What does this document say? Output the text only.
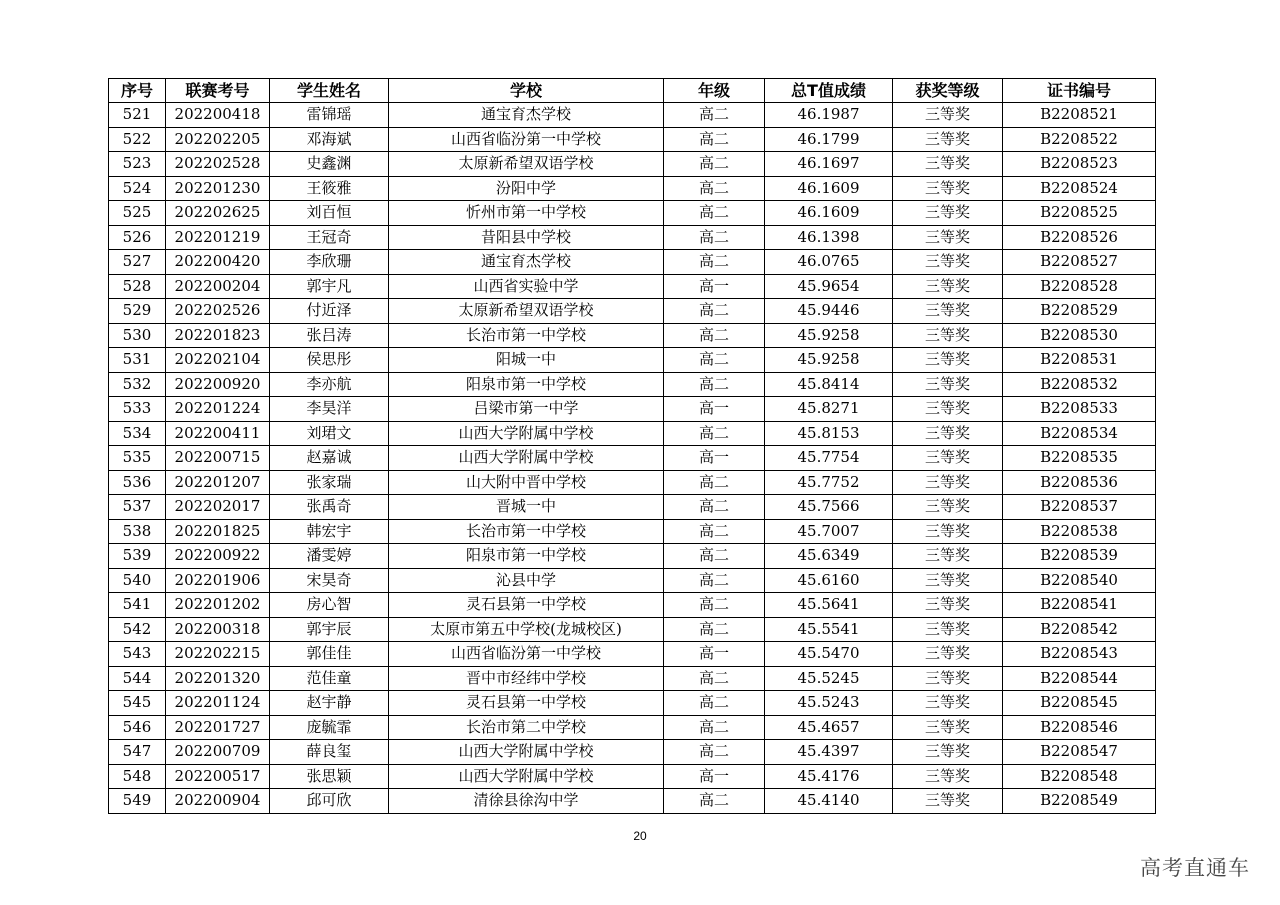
序号	联赛考号	学生姓名	学校	年级	总T值成绩	获奖等级	证书编号
521	202200418	雷锦瑶	通宝育杰学校	高二	46.1987	三等奖	B2208521
522	202202205	邓海斌	山西省临汾第一中学校	高二	46.1799	三等奖	B2208522
523	202202528	史鑫渊	太原新希望双语学校	高二	46.1697	三等奖	B2208523
524	202201230	王筱雅	汾阳中学	高二	46.1609	三等奖	B2208524
525	202202625	刘百恒	忻州市第一中学校	高二	46.1609	三等奖	B2208525
526	202201219	王冠奇	昔阳县中学校	高二	46.1398	三等奖	B2208526
527	202200420	李欣珊	通宝育杰学校	高二	46.0765	三等奖	B2208527
528	202200204	郭宇凡	山西省实验中学	高一	45.9654	三等奖	B2208528
529	202202526	付近泽	太原新希望双语学校	高二	45.9446	三等奖	B2208529
530	202201823	张吕涛	长治市第一中学校	高二	45.9258	三等奖	B2208530
531	202202104	侯思彤	阳城一中	高二	45.9258	三等奖	B2208531
532	202200920	李亦航	阳泉市第一中学校	高二	45.8414	三等奖	B2208532
533	202201224	李昊洋	吕梁市第一中学	高一	45.8271	三等奖	B2208533
534	202200411	刘珺文	山西大学附属中学校	高二	45.8153	三等奖	B2208534
535	202200715	赵嘉诚	山西大学附属中学校	高一	45.7754	三等奖	B2208535
536	202201207	张家瑞	山大附中晋中学校	高二	45.7752	三等奖	B2208536
537	202202017	张禹奇	晋城一中	高二	45.7566	三等奖	B2208537
538	202201825	韩宏宇	长治市第一中学校	高二	45.7007	三等奖	B2208538
539	202200922	潘雯婷	阳泉市第一中学校	高二	45.6349	三等奖	B2208539
540	202201906	宋昊奇	沁县中学	高二	45.6160	三等奖	B2208540
541	202201202	房心智	灵石县第一中学校	高二	45.5641	三等奖	B2208541
542	202200318	郭宇辰	太原市第五中学校(龙城校区)	高二	45.5541	三等奖	B2208542
543	202202215	郭佳佳	山西省临汾第一中学校	高一	45.5470	三等奖	B2208543
544	202201320	范佳童	晋中市经纬中学校	高二	45.5245	三等奖	B2208544
545	202201124	赵宇静	灵石县第一中学校	高二	45.5243	三等奖	B2208545
546	202201727	庞毓霏	长治市第二中学校	高二	45.4657	三等奖	B2208546
547	202200709	薛良玺	山西大学附属中学校	高二	45.4397	三等奖	B2208547
548	202200517	张思颖	山西大学附属中学校	高一	45.4176	三等奖	B2208548
549	202200904	邱可欣	清徐县徐沟中学	高二	45.4140	三等奖	B2208549
20
高考直通车
